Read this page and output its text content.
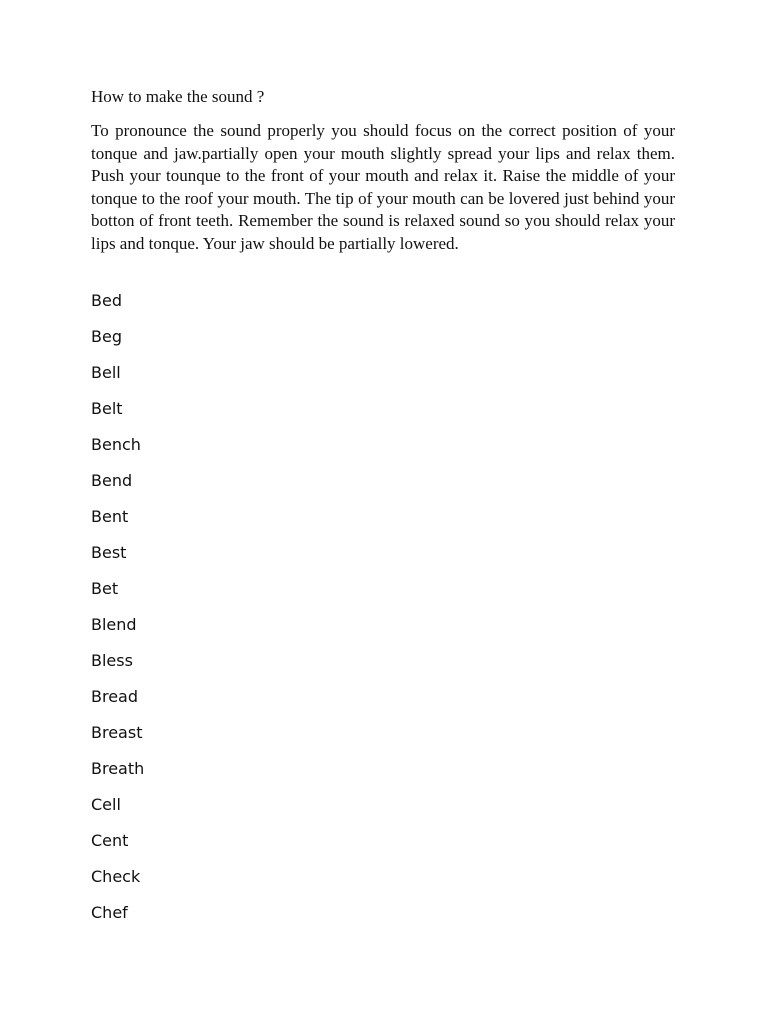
How to make the sound ?

To pronounce the sound properly you should focus on the correct position of your tonque and jaw.partially open your mouth slightly spread your lips and relax them. Push your tounque to the front of your mouth and relax it. Raise the middle of your tonque to the roof your mouth. The tip of your mouth can be lovered just behind your botton of front teeth. Remember the sound is relaxed sound so you should relax your lips and tonque. Your jaw should be partially lowered.

Bed
Beg
Bell
Belt
Bench
Bend
Bent
Best
Bet
Blend
Bless
Bread
Breast
Breath
Cell
Cent
Check
Chef
